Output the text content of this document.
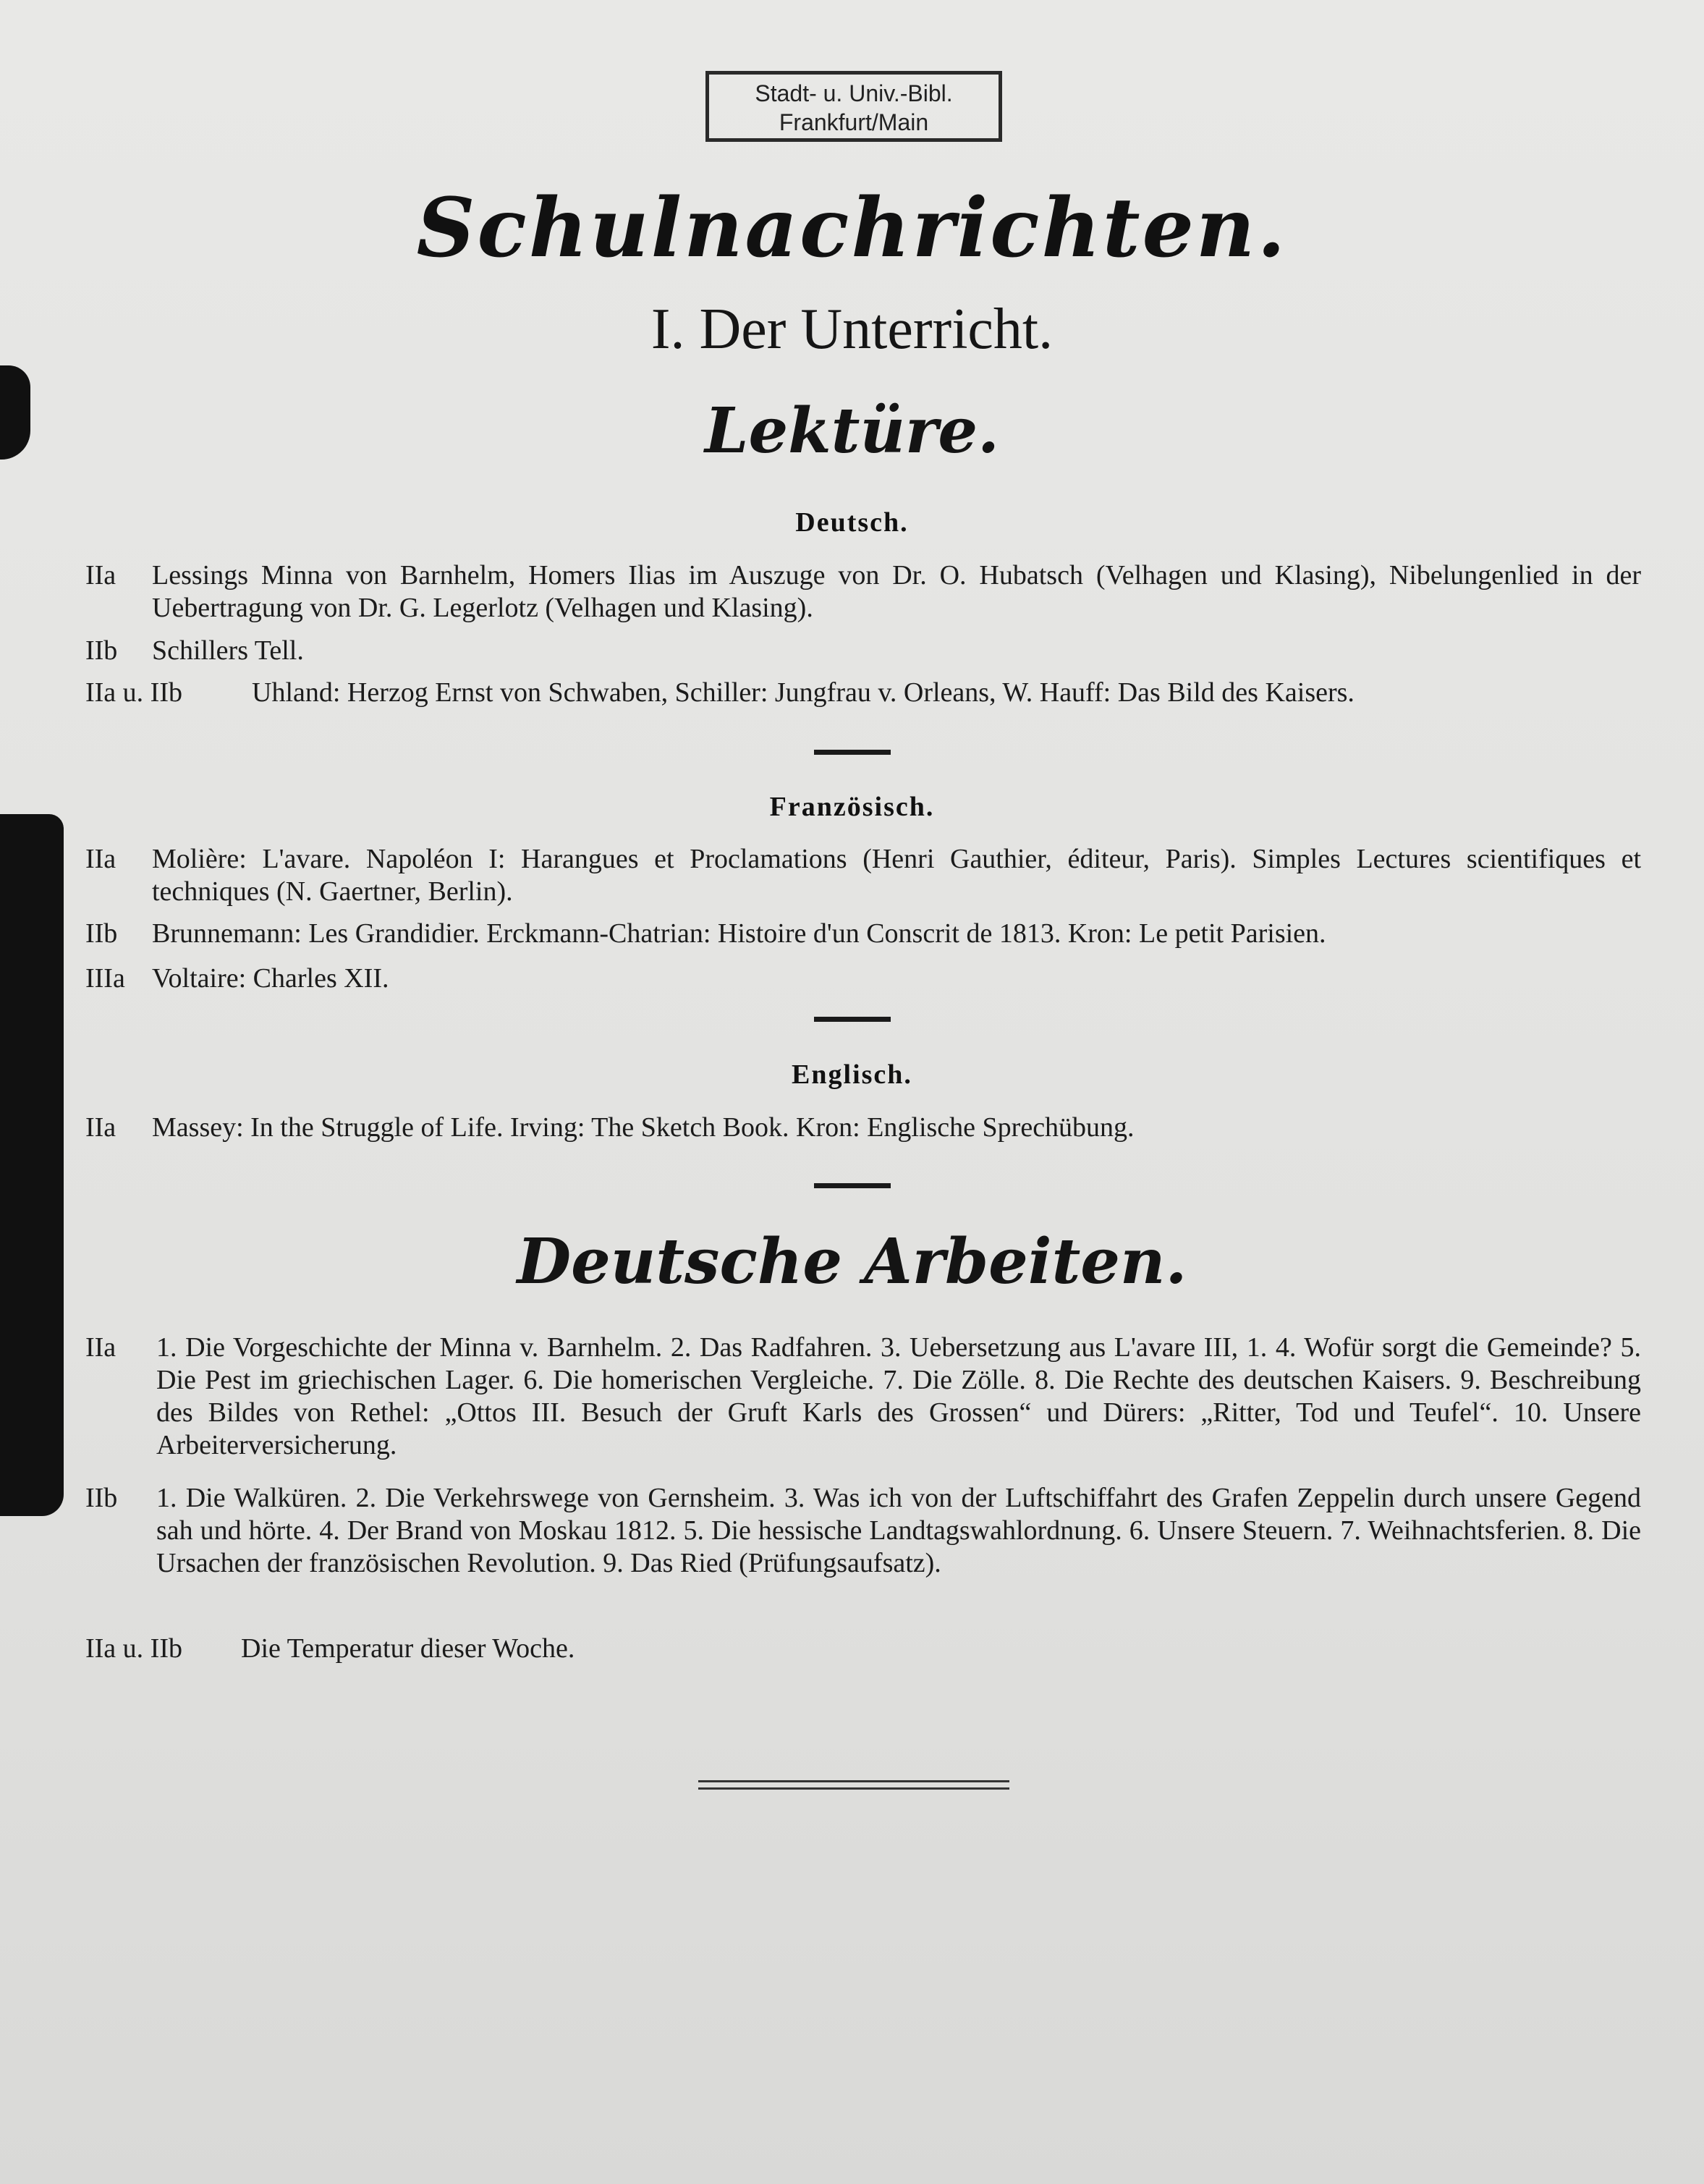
Stadt- u. Univ.-Bibl.
Frankfurt/Main
Schulnachrichten.
I. Der Unterricht.
Lektüre.
Deutsch.
IIa	Lessings Minna von Barnhelm, Homers Ilias im Auszuge von Dr. O. Hubatsch (Velhagen und Klasing), Nibelungenlied in der Uebertragung von Dr. G. Legerlotz (Velhagen und Klasing).
IIb	Schillers Tell.
IIa u. IIb	Uhland: Herzog Ernst von Schwaben, Schiller: Jungfrau v. Orleans, W. Hauff: Das Bild des Kaisers.
Französisch.
IIa	Molière: L'avare. Napoléon I: Harangues et Proclamations (Henri Gauthier, éditeur, Paris). Simples Lectures scientifiques et techniques (N. Gaertner, Berlin).
IIb	Brunnemann: Les Grandidier. Erckmann-Chatrian: Histoire d'un Conscrit de 1813. Kron: Le petit Parisien.
IIIa Voltaire: Charles XII.
Englisch.
IIa	Massey: In the Struggle of Life. Irving: The Sketch Book. Kron: Englische Sprechübung.
Deutsche Arbeiten.
IIa	1. Die Vorgeschichte der Minna v. Barnhelm. 2. Das Radfahren. 3. Uebersetzung aus L'avare III, 1. 4. Wofür sorgt die Gemeinde? 5. Die Pest im griechischen Lager. 6. Die homerischen Vergleiche. 7. Die Zölle. 8. Die Rechte des deutschen Kaisers. 9. Beschreibung des Bildes von Rethel: „Ottos III. Besuch der Gruft Karls des Grossen“ und Dürers: „Ritter, Tod und Teufel“. 10. Unsere Arbeiterversicherung.
IIb	1. Die Walküren. 2. Die Verkehrswege von Gernsheim. 3. Was ich von der Luftschiffahrt des Grafen Zeppelin durch unsere Gegend sah und hörte. 4. Der Brand von Moskau 1812. 5. Die hessische Landtagswahlordnung. 6. Unsere Steuern. 7. Weihnachtsferien. 8. Die Ursachen der französischen Revolution. 9. Das Ried (Prüfungsaufsatz).
IIa u. IIb	Die Temperatur dieser Woche.
